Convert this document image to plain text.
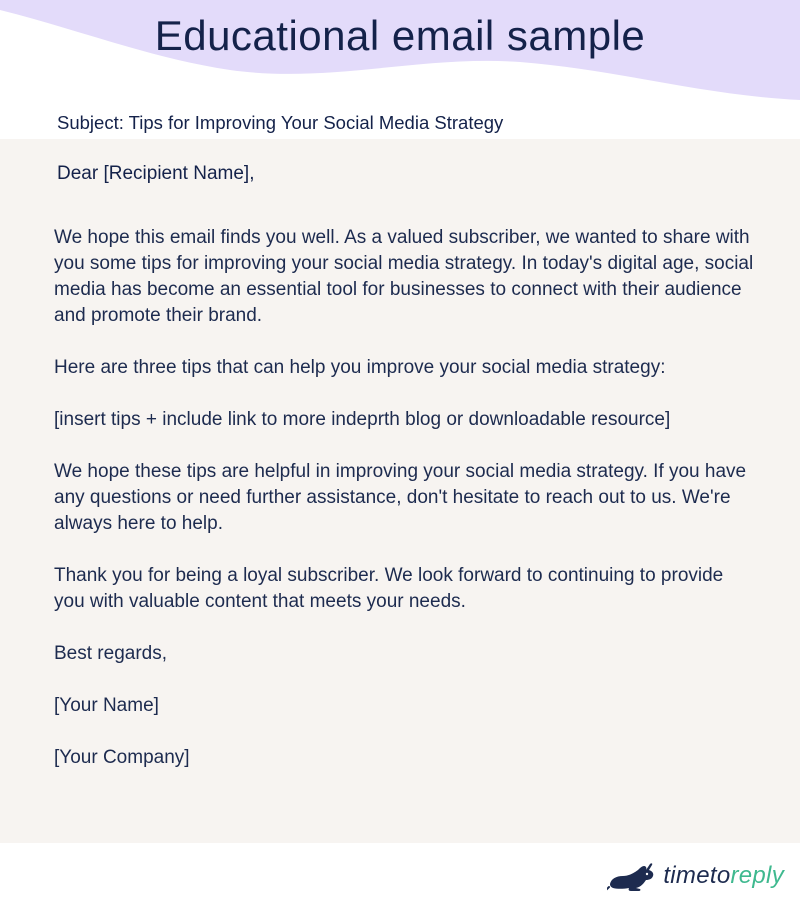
Educational email sample
Subject: Tips for Improving Your Social Media Strategy
Dear [Recipient Name],

We hope this email finds you well. As a valued subscriber, we wanted to share with you some tips for improving your social media strategy. In today's digital age, social media has become an essential tool for businesses to connect with their audience and promote their brand.

Here are three tips that can help you improve your social media strategy:

[insert tips + include link to more indeprth blog or downloadable resource]

We hope these tips are helpful in improving your social media strategy. If you have any questions or need further assistance, don't hesitate to reach out to us. We're always here to help.

Thank you for being a loyal subscriber. We look forward to continuing to provide you with valuable content that meets your needs.

Best regards,

[Your Name]

[Your Company]

timetoreply
